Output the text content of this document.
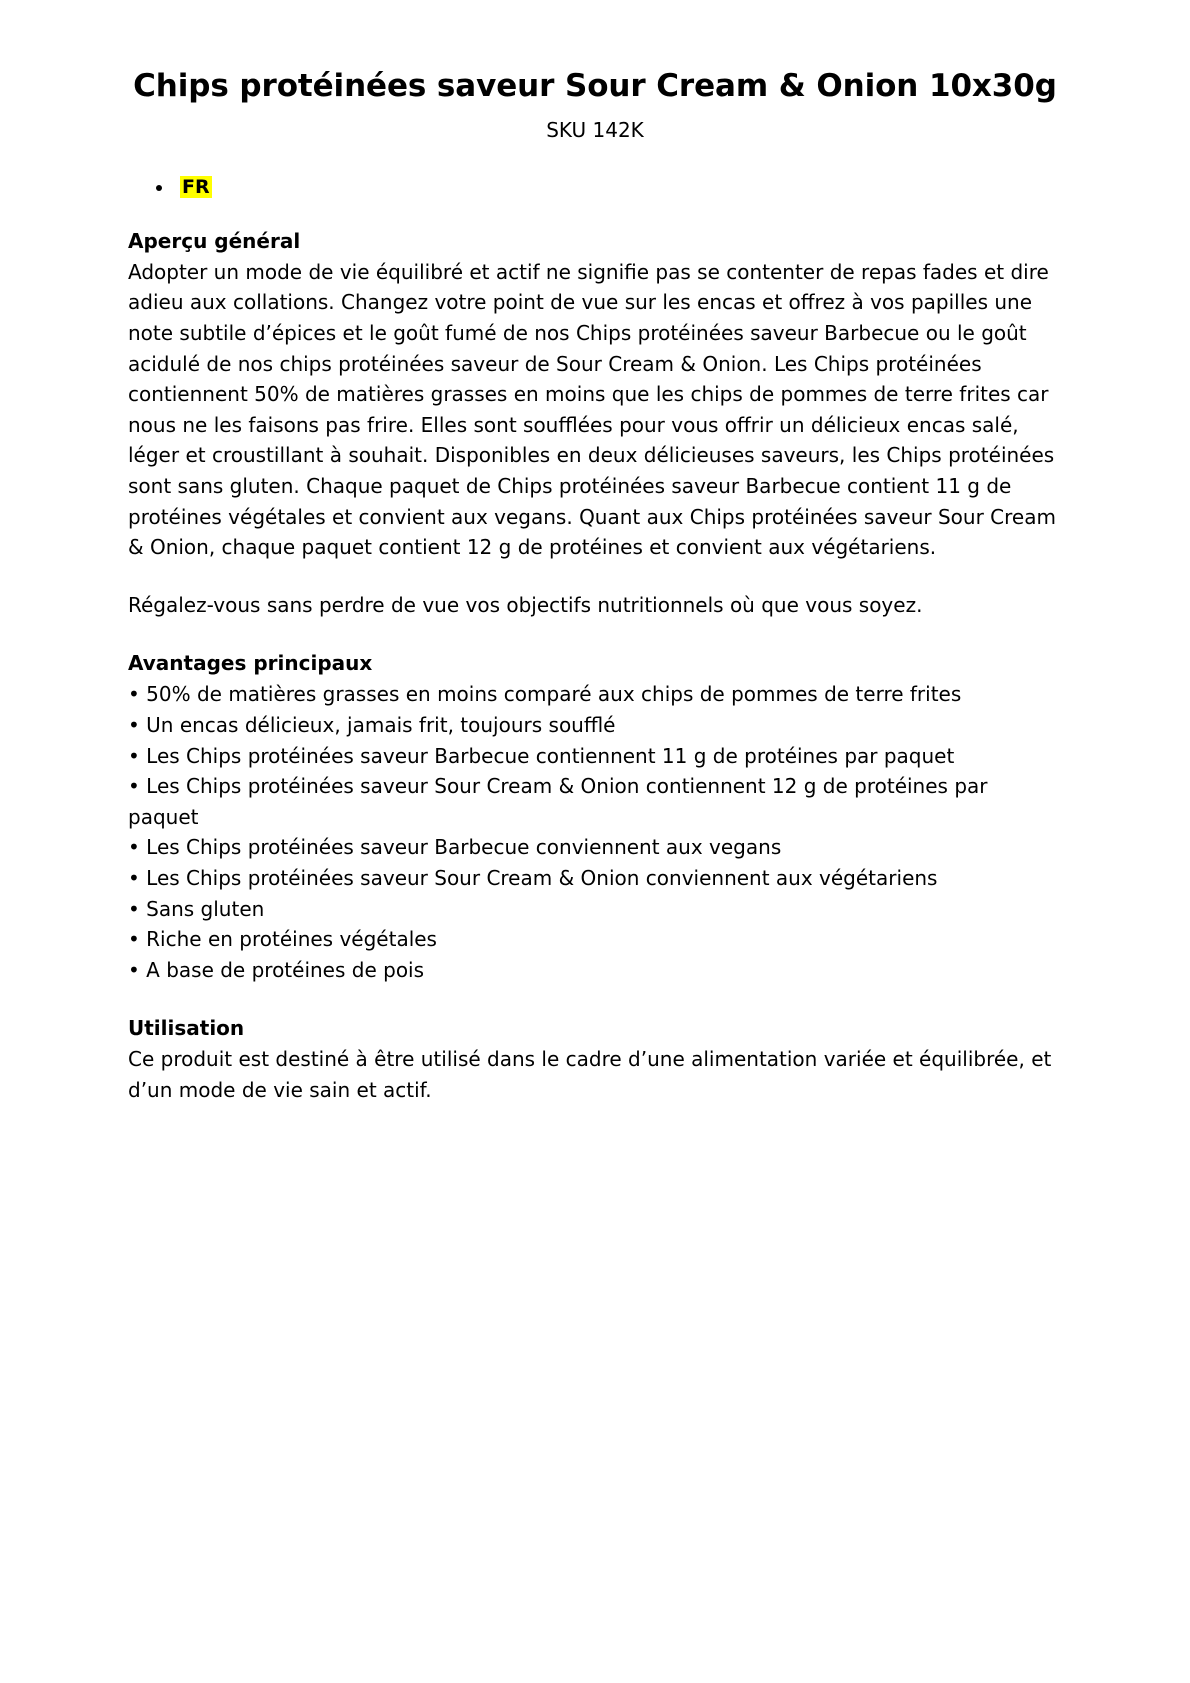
Chips protéinées saveur Sour Cream & Onion 10x30g
SKU 142K
• FR
Aperçu général

Adopter un mode de vie équilibré et actif ne signifie pas se contenter de repas fades et dire adieu aux collations. Changez votre point de vue sur les encas et offrez à vos papilles une note subtile d’épices et le goût fumé de nos Chips protéinées saveur Barbecue ou le goût acidulé de nos chips protéinées saveur de Sour Cream & Onion. Les Chips protéinées contiennent 50% de matières grasses en moins que les chips de pommes de terre frites car nous ne les faisons pas frire. Elles sont soufflées pour vous offrir un délicieux encas salé, léger et croustillant à souhait. Disponibles en deux délicieuses saveurs, les Chips protéinées sont sans gluten. Chaque paquet de Chips protéinées saveur Barbecue contient 11 g de protéines végétales et convient aux vegans. Quant aux Chips protéinées saveur Sour Cream & Onion, chaque paquet contient 12 g de protéines et convient aux végétariens.

Régalez-vous sans perdre de vue vos objectifs nutritionnels où que vous soyez.

Avantages principaux
• 50% de matières grasses en moins comparé aux chips de pommes de terre frites
• Un encas délicieux, jamais frit, toujours soufflé
• Les Chips protéinées saveur Barbecue contiennent 11 g de protéines par paquet
• Les Chips protéinées saveur Sour Cream & Onion contiennent 12 g de protéines par paquet
• Les Chips protéinées saveur Barbecue conviennent aux vegans
• Les Chips protéinées saveur Sour Cream & Onion conviennent aux végétariens
• Sans gluten
• Riche en protéines végétales
• A base de protéines de pois
Utilisation

Ce produit est destiné à être utilisé dans le cadre d’une alimentation variée et équilibrée, et d’un mode de vie sain et actif.
